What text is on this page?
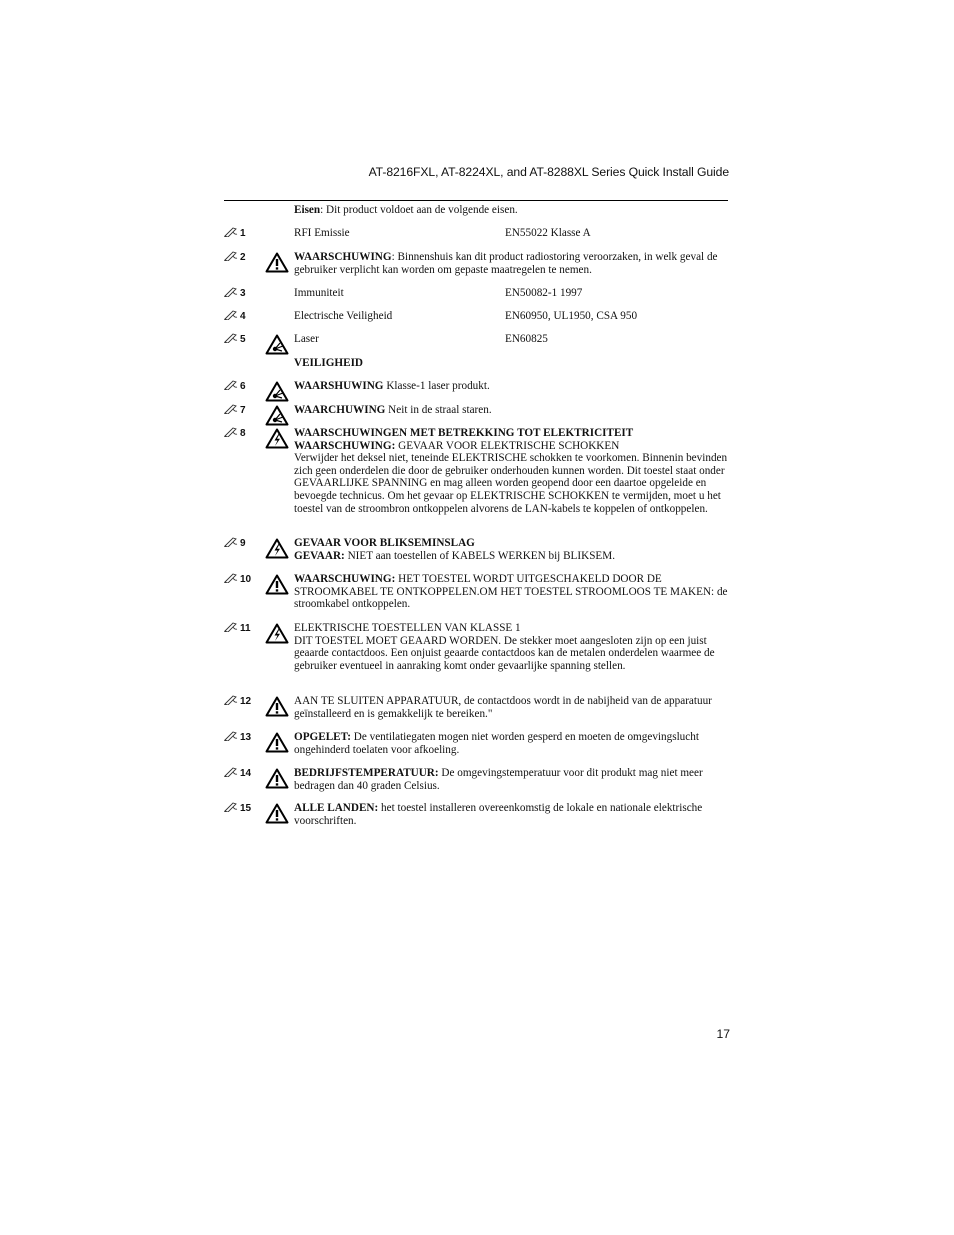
AT-8216FXL, AT-8224XL, and AT-8288XL Series Quick Install Guide
Eisen: Dit product voldoet aan de volgende eisen.
1	RFI Emissie	EN55022 Klasse A
2	WAARSCHUWING: Binnenshuis kan dit product radiostoring veroorzaken, in welk geval de gebruiker verplicht kan worden om gepaste maatregelen te nemen.
3	Immuniteit	EN50082-1 1997
4	Electrische Veiligheid	EN60950, UL1950, CSA 950
5	Laser	EN60825
VEILIGHEID
6	WAARSHUWING Klasse-1 laser produkt.
7	WAARCHUWING Neit in de straal staren.
8	WAARSCHUWINGEN MET BETREKKING TOT ELEKTRICITEIT
WAARSCHUWING: GEVAAR VOOR ELEKTRISCHE SCHOKKEN
Verwijder het deksel niet, teneinde ELEKTRISCHE schokken te voorkomen. Binnenin bevinden zich geen onderdelen die door de gebruiker onderhouden kunnen worden. Dit toestel staat onder GEVAARLIJKE SPANNING en mag alleen worden geopend door een daartoe opgeleide en bevoegde technicus. Om het gevaar op ELEKTRISCHE SCHOKKEN te vermijden, moet u het toestel van de stroombron ontkoppelen alvorens de LAN-kabels te koppelen of ontkoppelen.
9	GEVAAR VOOR BLIKSEMINSLAG
GEVAAR: NIET aan toestellen of KABELS WERKEN bij BLIKSEM.
10	WAARSCHUWING: HET TOESTEL WORDT UITGESCHAKELD DOOR DE STROOMKABEL TE ONTKOPPELEN.OM HET TOESTEL STROOMLOOS TE MAKEN: de stroomkabel ontkoppelen.
11	ELEKTRISCHE TOESTELLEN VAN KLASSE 1
DIT TOESTEL MOET GEAARD WORDEN. De stekker moet aangesloten zijn op een juist geaarde contactdoos. Een onjuist geaarde contactdoos kan de metalen onderdelen waarmee de gebruiker eventueel in aanraking komt onder gevaarlijke spanning stellen.
12	AAN TE SLUITEN APPARATUUR, de contactdoos wordt in de nabijheid van de apparatuur geïnstalleerd en is gemakkelijk te bereiken."
13	OPGELET: De ventilatiegaten mogen niet worden gesperd en moeten de omgevingslucht ongehinderd toelaten voor afkoeling.
14	BEDRIJFSTEMPERATUUR: De omgevingstemperatuur voor dit produkt mag niet meer bedragen dan 40 graden Celsius.
15	ALLE LANDEN: het toestel installeren overeenkomstig de lokale en nationale elektrische voorschriften.
17
